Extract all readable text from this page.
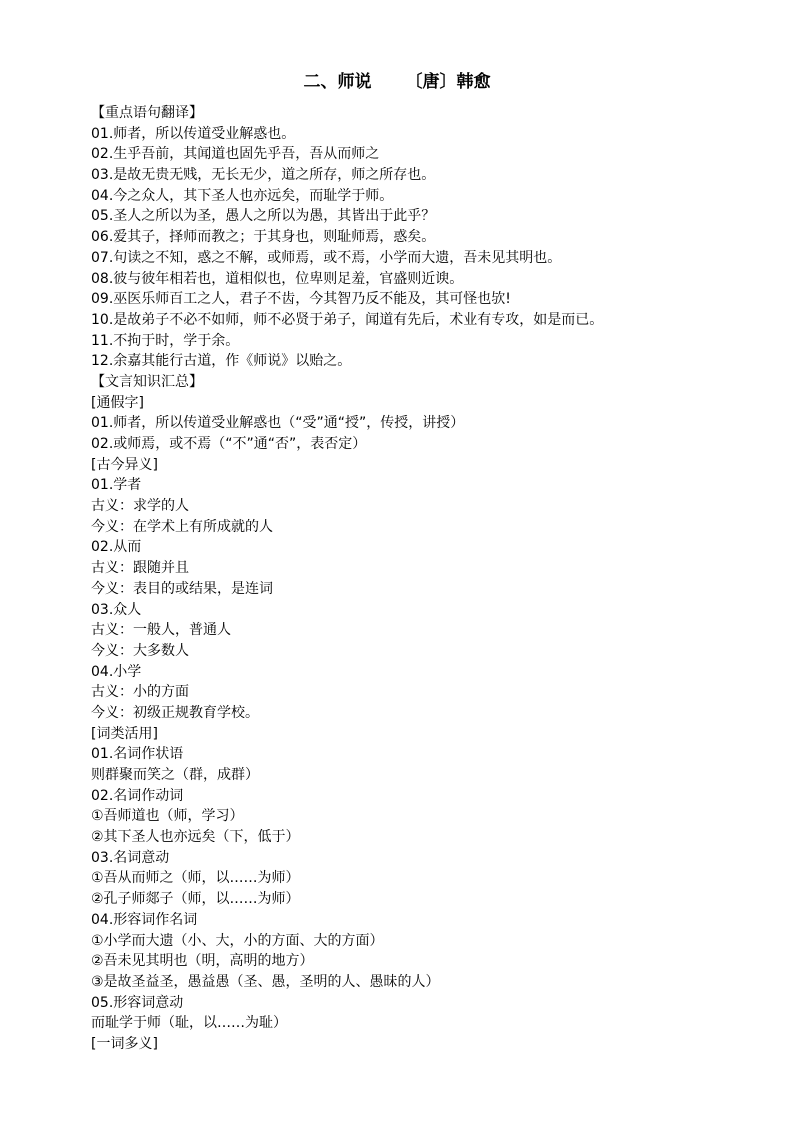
二、师说 〔唐〕韩愈
【重点语句翻译】
01.师者，所以传道受业解惑也。
02.生乎吾前，其闻道也固先乎吾，吾从而师之
03.是故无贵无贱，无长无少，道之所存，师之所存也。
04.今之众人，其下圣人也亦远矣，而耻学于师。
05.圣人之所以为圣，愚人之所以为愚，其皆出于此乎？
06.爱其子，择师而教之；于其身也，则耻师焉，惑矣。
07.句读之不知，惑之不解，或师焉，或不焉，小学而大遗，吾未见其明也。
08.彼与彼年相若也，道相似也，位卑则足羞，官盛则近谀。
09.巫医乐师百工之人，君子不齿，今其智乃反不能及，其可怪也欤!
10.是故弟子不必不如师，师不必贤于弟子，闻道有先后，术业有专攻，如是而已。
11.不拘于时，学于余。
12.余嘉其能行古道，作《师说》以贻之。
【文言知识汇总】
[通假字]
01.师者，所以传道受业解惑也（“受”通“授”，传授，讲授）
02.或师焉，或不焉（“不”通“否”，表否定）
[古今异义]
01.学者
古义：求学的人
今义：在学术上有所成就的人
02.从而
古义：跟随并且
今义：表目的或结果，是连词
03.众人
古义：一般人，普通人
今义：大多数人
04.小学
古义：小的方面
今义：初级正规教育学校。
[词类活用]
01.名词作状语
则群聚而笑之（群，成群）
02.名词作动词
①吾师道也（师，学习）
②其下圣人也亦远矣（下，低于）
03.名词意动
①吾从而师之（师，以……为师）
②孔子师郯子（师，以……为师）
04.形容词作名词
①小学而大遗（小、大，小的方面、大的方面）
②吾未见其明也（明，高明的地方）
③是故圣益圣，愚益愚（圣、愚，圣明的人、愚昧的人）
05.形容词意动
而耻学于师（耻，以……为耻）
[一词多义]
